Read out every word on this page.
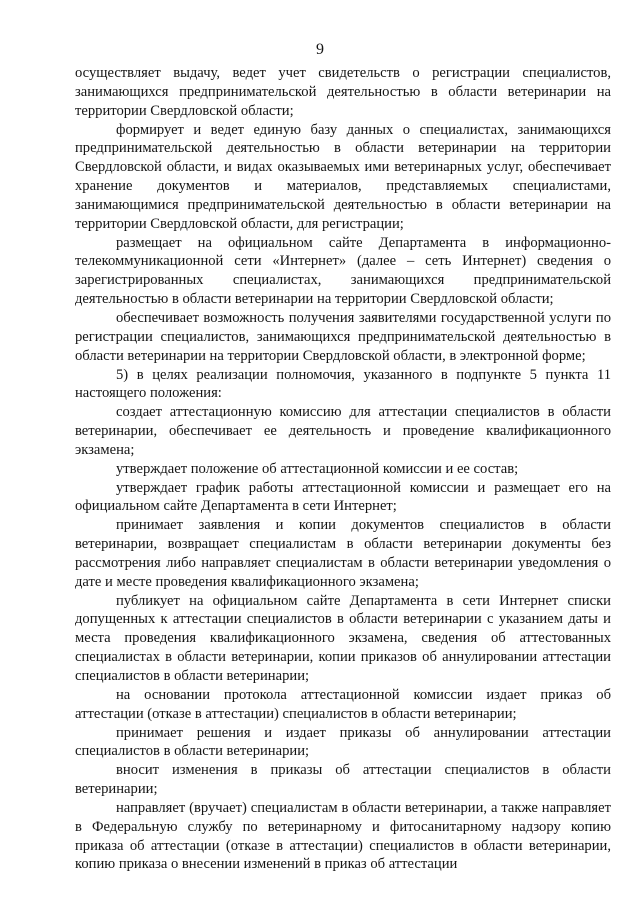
9

осуществляет выдачу, ведет учет свидетельств о регистрации специалистов, занимающихся предпринимательской деятельностью в области ветеринарии на территории Свердловской области;

формирует и ведет единую базу данных о специалистах, занимающихся предпринимательской деятельностью в области ветеринарии на территории Свердловской области, и видах оказываемых ими ветеринарных услуг, обеспечивает хранение документов и материалов, представляемых специалистами, занимающимися предпринимательской деятельностью в области ветеринарии на территории Свердловской области, для регистрации;

размещает на официальном сайте Департамента в информационно-телекоммуникационной сети «Интернет» (далее – сеть Интернет) сведения о зарегистрированных специалистах, занимающихся предпринимательской деятельностью в области ветеринарии на территории Свердловской области;

обеспечивает возможность получения заявителями государственной услуги по регистрации специалистов, занимающихся предпринимательской деятельностью в области ветеринарии на территории Свердловской области, в электронной форме;

5) в целях реализации полномочия, указанного в подпункте 5 пункта 11 настоящего положения:

создает аттестационную комиссию для аттестации специалистов в области ветеринарии, обеспечивает ее деятельность и проведение квалификационного экзамена;

утверждает положение об аттестационной комиссии и ее состав;

утверждает график работы аттестационной комиссии и размещает его на официальном сайте Департамента в сети Интернет;

принимает заявления и копии документов специалистов в области ветеринарии, возвращает специалистам в области ветеринарии документы без рассмотрения либо направляет специалистам в области ветеринарии уведомления о дате и месте проведения квалификационного экзамена;

публикует на официальном сайте Департамента в сети Интернет списки допущенных к аттестации специалистов в области ветеринарии с указанием даты и места проведения квалификационного экзамена, сведения об аттестованных специалистах в области ветеринарии, копии приказов об аннулировании аттестации специалистов в области ветеринарии;

на основании протокола аттестационной комиссии издает приказ об аттестации (отказе в аттестации) специалистов в области ветеринарии;

принимает решения и издает приказы об аннулировании аттестации специалистов в области ветеринарии;

вносит изменения в приказы об аттестации специалистов в области ветеринарии;

направляет (вручает) специалистам в области ветеринарии, а также направляет в Федеральную службу по ветеринарному и фитосанитарному надзору копию приказа об аттестации (отказе в аттестации) специалистов в области ветеринарии, копию приказа о внесении изменений в приказ об аттестации
